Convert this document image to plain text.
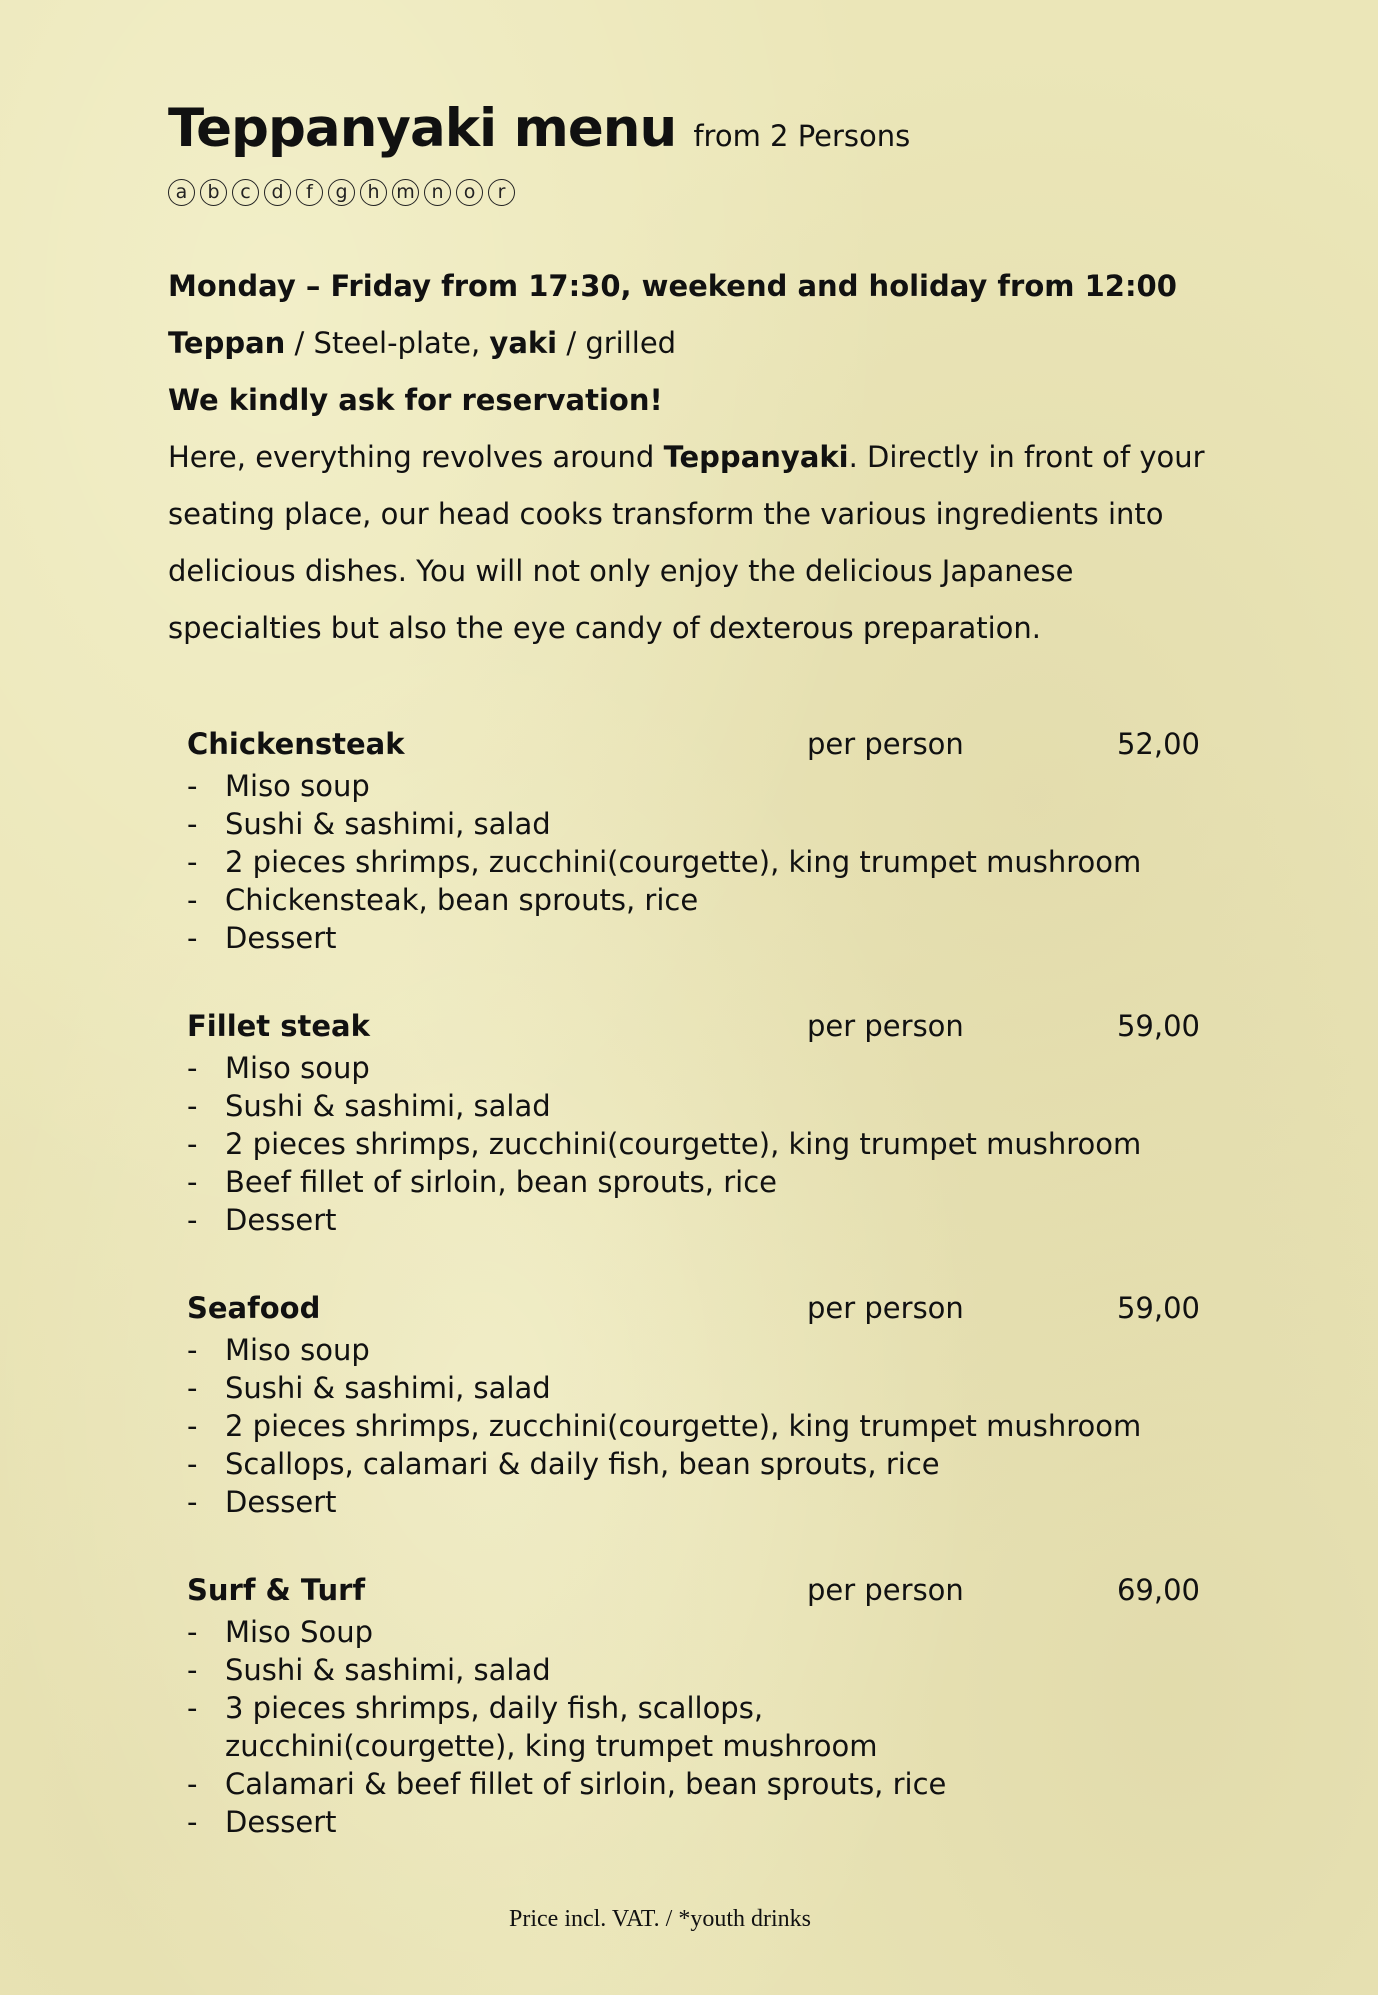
Teppanyaki menu from 2 Persons
a	b	c	d	f	g	h m n	o	r

Monday – Friday from 17:30, weekend and holiday from 12:00

Teppan / Steel-plate, yaki / grilled

We kindly ask for reservation!

Here, everything revolves around Teppanyaki. Directly in front of your seating place, our head cooks transform the various ingredients into delicious dishes. You will not only enjoy the delicious Japanese specialties but also the eye candy of dexterous preparation.

Chickensteak	per person	52,00
- Miso soup
- Sushi & sashimi, salad
- 2 pieces shrimps, zucchini(courgette), king trumpet mushroom
- Chickensteak, bean sprouts, rice
- Dessert
Fillet steak	per person	59,00
- Miso soup
- Sushi & sashimi, salad
- 2 pieces shrimps, zucchini(courgette), king trumpet mushroom
- Beef fillet of sirloin, bean sprouts, rice
- Dessert
Seafood	per person	59,00
- Miso soup
- Sushi & sashimi, salad
- 2 pieces shrimps, zucchini(courgette), king trumpet mushroom
- Scallops, calamari & daily fish, bean sprouts, rice
- Dessert
Surf & Turf	per person	69,00
- Miso Soup
- Sushi & sashimi, salad
- 3 pieces shrimps, daily fish, scallops, zucchini(courgette), king trumpet mushroom
- Calamari & beef fillet of sirloin, bean sprouts, rice
- Dessert
Price incl. VAT. / *youth drinks
